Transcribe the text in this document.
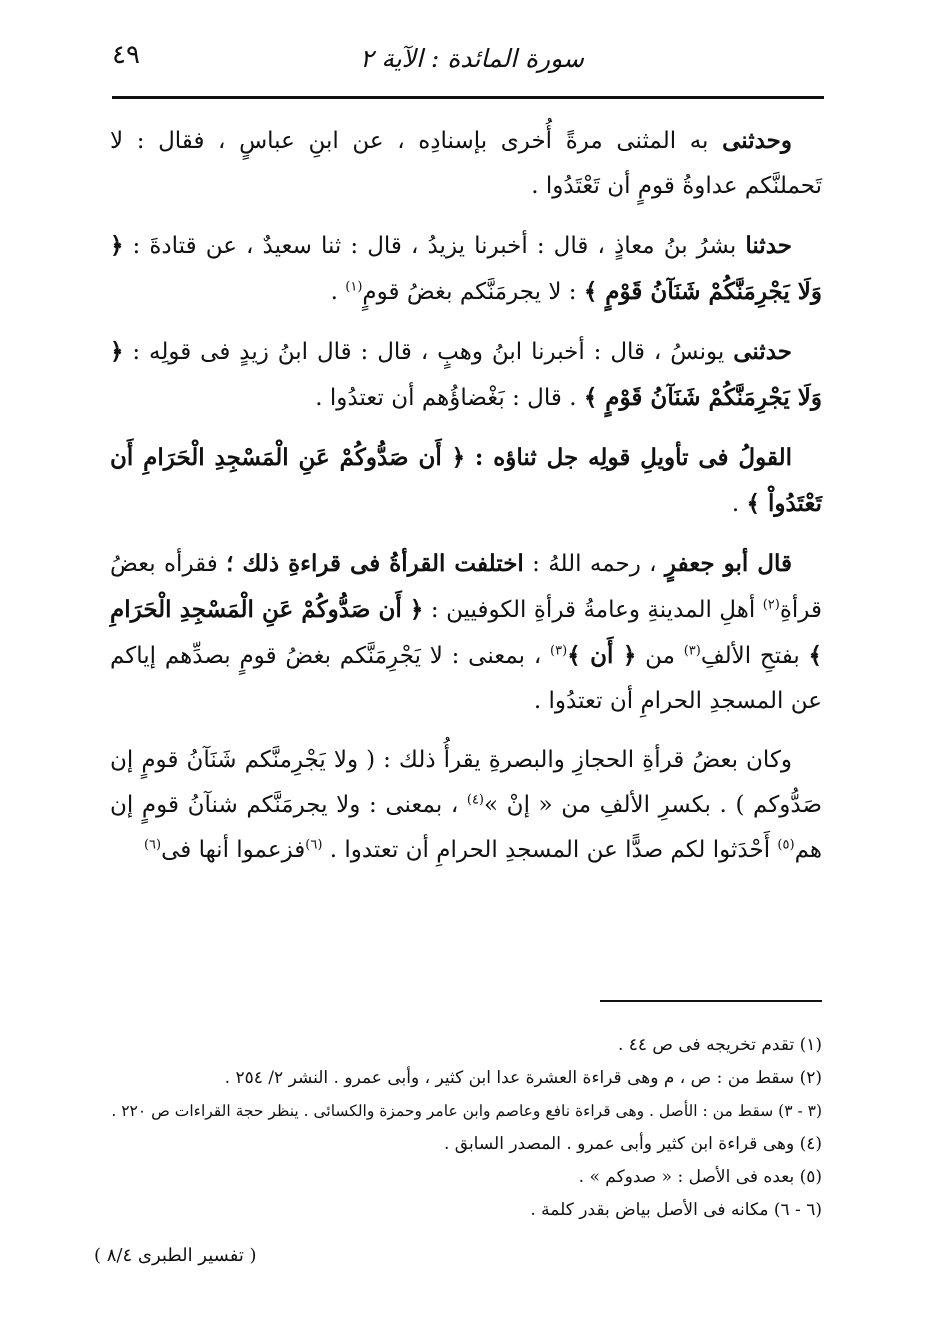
سورة المائدة : الآية ٢
٤٩

وحدثنى به المثنى مرةً أُخرى بإسنادِه ، عن ابنِ عباسٍ ، فقال : لا تَحملنَّكم عداوةُ قومٍ أن تَعْتَدُوا .

حدثنا بشرُ بنُ معاذٍ ، قال : أخبرنا يزيدُ ، قال : ثنا سعيدٌ ، عن قتادةَ : ﴿ وَلَا يَجْرِمَنَّكُمْ شَنَآنُ قَوْمٍ ﴾ : لا يجرمَنَّكم بغضُ قومٍ$^{(١)}$ .

حدثنى يونسُ ، قال : أخبرنا ابنُ وهبٍ ، قال : قال ابنُ زيدٍ فى قولِه : ﴿ وَلَا يَجْرِمَنَّكُمْ شَنَآنُ قَوْمٍ ﴾ . قال : بَغْضاؤُهم أن تعتدُوا .

القولُ فى تأويلِ قولِه جل ثناؤه : ﴿ أَن صَدُّوكُمْ عَنِ الْمَسْجِدِ الْحَرَامِ أَن تَعْتَدُواْ ﴾ .

قال أبو جعفرٍ ، رحمه اللهُ : اختلفت القرأةُ فى قراءةِ ذلك ؛ فقرأه بعضُ قرأةِ$^{(٢)}$ أهلِ المدينةِ وعامةُ قرأةِ الكوفيين : ﴿ أَن صَدُّوكُمْ عَنِ الْمَسْجِدِ الْحَرَامِ ﴾ بفتحِ الألفِ$^{(٣)}$ من ﴿ أَن ﴾$^{(٣)}$ ، بمعنى : لا يَجْرِمَنَّكم بغضُ قومٍ بصدِّهم إياكم عن المسجدِ الحرامِ أن تعتدُوا .

وكان بعضُ قرأةِ الحجازِ والبصرةِ يقرأُ ذلك : ( ولا يَجْرِمنَّكم شَنَآنُ قومٍ إن صَدُّوكم ) . بكسرِ الألفِ من « إنْ »$^{(٤)}$ ، بمعنى : ولا يجرمَنَّكم شنآنُ قومٍ إن هم$^{(٥)}$ أَحْدَثوا لكم صدًّا عن المسجدِ الحرامِ أن تعتدوا . $^{(٦)}$فزعموا أنها فى$^{(٦)}$

(١) تقدم تخريجه فى ص ٤٤ .

(٢) سقط من : ص ، م وهى قراءة العشرة عدا ابن كثير ، وأبى عمرو . النشر ٢/ ٢٥٤ .

(٣ - ٣) سقط من : الأصل . وهى قراءة نافع وعاصم وابن عامر وحمزة والكسائى . ينظر حجة القراءات ص ٢٢٠ .

(٤) وهى قراءة ابن كثير وأبى عمرو . المصدر السابق .

(٥) بعده فى الأصل : « صدوكم » .

(٦ - ٦) مكانه فى الأصل بياض بقدر كلمة .

( تفسير الطبرى ٨/٤ )
